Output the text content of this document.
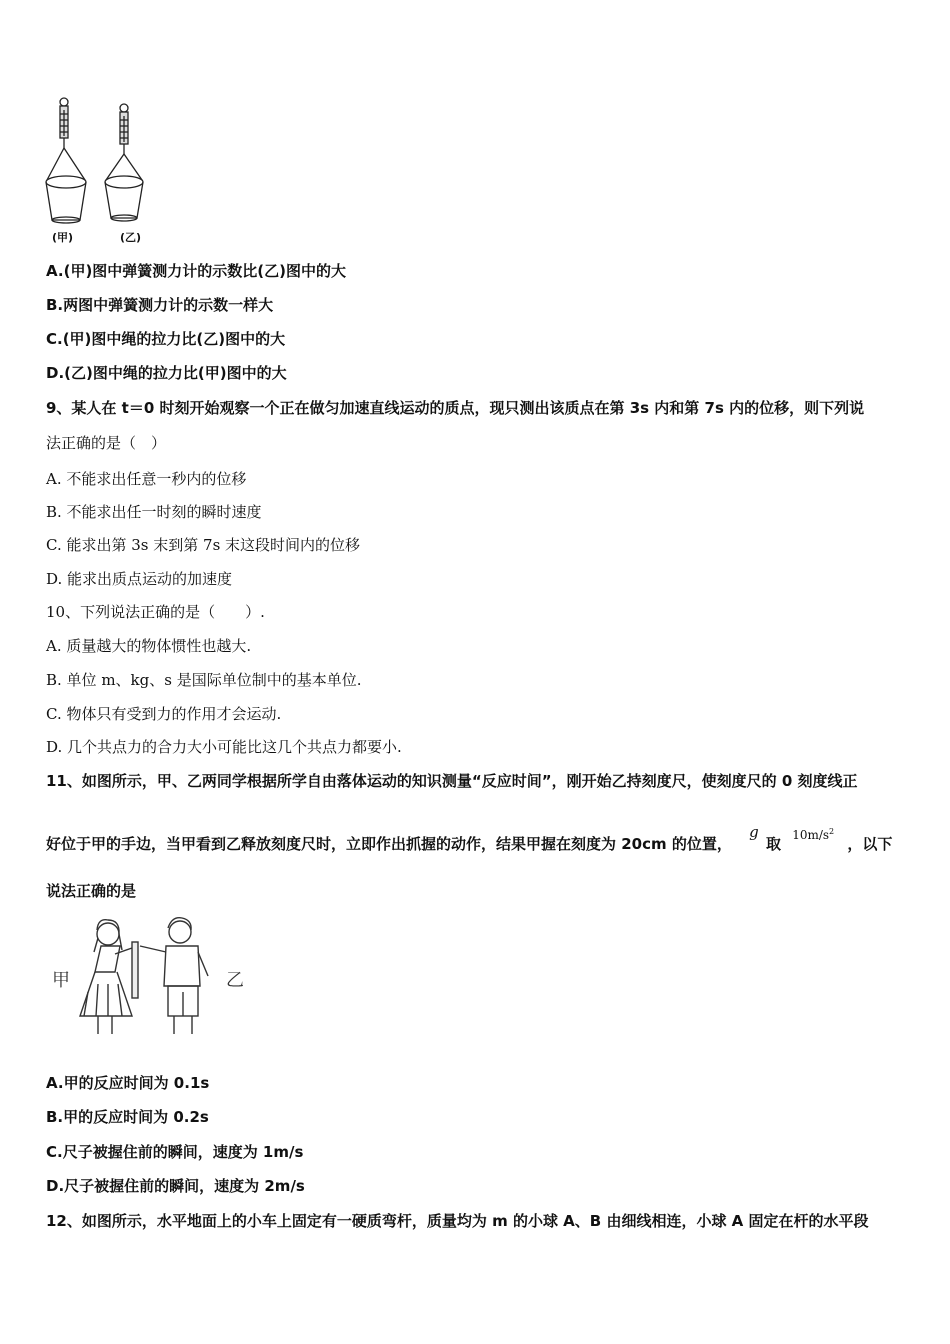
(甲)	(乙)
A.(甲)图中弹簧测力计的示数比(乙)图中的大
B.两图中弹簧测力计的示数一样大
C.(甲)图中绳的拉力比(乙)图中的大
D.(乙)图中绳的拉力比(甲)图中的大
9、某人在 t＝0 时刻开始观察一个正在做匀加速直线运动的质点，现只测出该质点在第 3s 内和第 7s 内的位移，则下列说
法正确的是（　）
A. 不能求出任意一秒内的位移
B. 不能求出任一时刻的瞬时速度
C. 能求出第 3s 末到第 7s 末这段时间内的位移
D. 能求出质点运动的加速度
10、下列说法正确的是（　　）.
A. 质量越大的物体惯性也越大.
B. 单位 m、kg、s 是国际单位制中的基本单位.
C. 物体只有受到力的作用才会运动.
D. 几个共点力的合力大小可能比这几个共点力都要小.
11、如图所示，甲、乙两同学根据所学自由落体运动的知识测量“反应时间”，刚开始乙持刻度尺，使刻度尺的 0 刻度线正
好位于甲的手边，当甲看到乙释放刻度尺时，立即作出抓握的动作，结果甲握在刻度为 20cm 的位置， g 取 $^{10m/s^2}$ ，以下
说法正确的是
甲	乙
A.甲的反应时间为 0.1s
B.甲的反应时间为 0.2s
C.尺子被握住前的瞬间，速度为 1m/s
D.尺子被握住前的瞬间，速度为 2m/s
12、如图所示，水平地面上的小车上固定有一硬质弯杆，质量均为 m 的小球 A、B 由细线相连，小球 A 固定在杆的水平段
